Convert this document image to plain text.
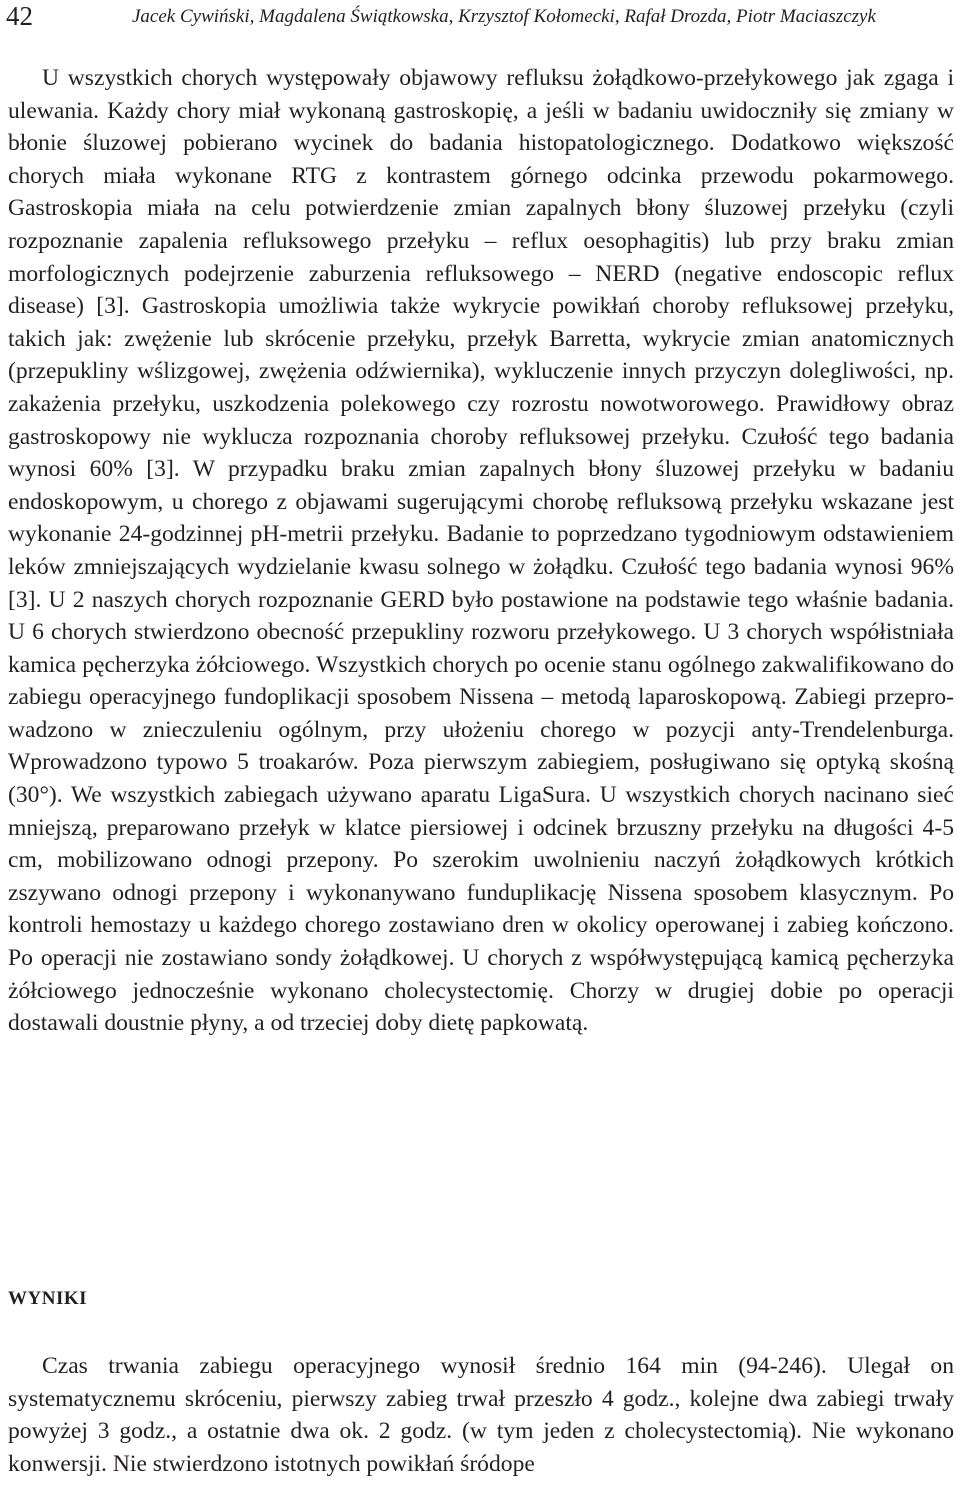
42	Jacek Cywiński, Magdalena Świątkowska, Krzysztof Kołomecki, Rafał Drozda, Piotr Maciaszczyk

U wszystkich chorych występowały objawowy refluksu żołądkowo-przełykowego jak zgaga i ulewania. Każdy chory miał wykonaną gastroskopię, a jeśli w badaniu uwidoczniły się zmiany w błonie śluzowej pobierano wycinek do badania histopatologicznego. Dodatkowo większość chorych miała wykonane RTG z kontrastem górnego odcinka przewodu pokarmowego. Gastroskopia miała na celu potwierdzenie zmian zapalnych błony śluzowej przełyku (czyli rozpoznanie zapalenia refluksowego przełyku – reflux oesophagitis) lub przy braku zmian morfologicznych podejrzenie zaburzenia refluksowego – NERD (negative endoscopic reflux disease) [3]. Gastroskopia umożliwia także wykrycie powikłań choroby refluksowej przełyku, takich jak: zwężenie lub skrócenie przełyku, przełyk Barretta, wykrycie zmian anatomicznych (przepukliny wślizgowej, zwężenia odźwiernika), wykluczenie innych przyczyn dolegliwości, np. zakażenia przełyku, uszkodzenia polekowego czy rozrostu nowotworowego. Prawidłowy obraz gastroskopowy nie wyklucza rozpoznania choroby refluksowej przełyku. Czułość tego badania wynosi 60% [3]. W przypadku braku zmian zapalnych błony śluzowej przełyku w badaniu endoskopowym, u chorego z objawami sugerującymi chorobę refluksową przełyku wskazane jest wykonanie 24-godzinnej pH-metrii przełyku. Badanie to poprzedzano tygodniowym odstawieniem leków zmniejszających wydzielanie kwasu solnego w żołądku. Czułość tego badania wynosi 96% [3]. U 2 naszych chorych rozpoznanie GERD było postawione na podstawie tego właśnie badania. U 6 chorych stwierdzono obecność przepukliny rozworu przełykowego. U 3 chorych współistniała kamica pęcherzyka żółciowego. Wszystkich chorych po ocenie stanu ogólnego zakwalifikowano do zabiegu operacyjnego fundoplikacji sposobem Nissena – metodą laparoskopową. Zabiegi przeprowadzono w znieczuleniu ogólnym, przy ułożeniu chorego w pozycji anty-Trendelenburga. Wprowadzono typowo 5 troakarów. Poza pierwszym zabiegiem, posługiwano się optyką skośną (30°). We wszystkich zabiegach używano aparatu LigaSura. U wszystkich chorych nacinano sieć mniejszą, preparowano przełyk w klatce piersiowej i odcinek brzuszny przełyku na długości 4-5 cm, mobilizowano odnogi przepony. Po szerokim uwolnieniu naczyń żołądkowych krótkich zszywano odnogi przepony i wykonanywano funduplikację Nissena sposobem klasycznym. Po kontroli hemostazy u każdego chorego zostawiano dren w okolicy operowanej i zabieg kończono. Po operacji nie zostawiano sondy żołądkowej. U chorych z współwystępującą kamicą pęcherzyka żółciowego jednocześnie wykonano cholecystectomię. Chorzy w drugiej dobie po operacji dostawali doustnie płyny, a od trzeciej doby dietę papkowatą.

WYNIKI

Czas trwania zabiegu operacyjnego wynosił średnio 164 min (94-246). Ulegał on systematycznemu skróceniu, pierwszy zabieg trwał przeszło 4 godz., kolejne dwa zabiegi trwały powyżej 3 godz., a ostatnie dwa ok. 2 godz. (w tym jeden z cholecystectomią). Nie wykonano konwersji. Nie stwierdzono istotnych powikłań śródope
